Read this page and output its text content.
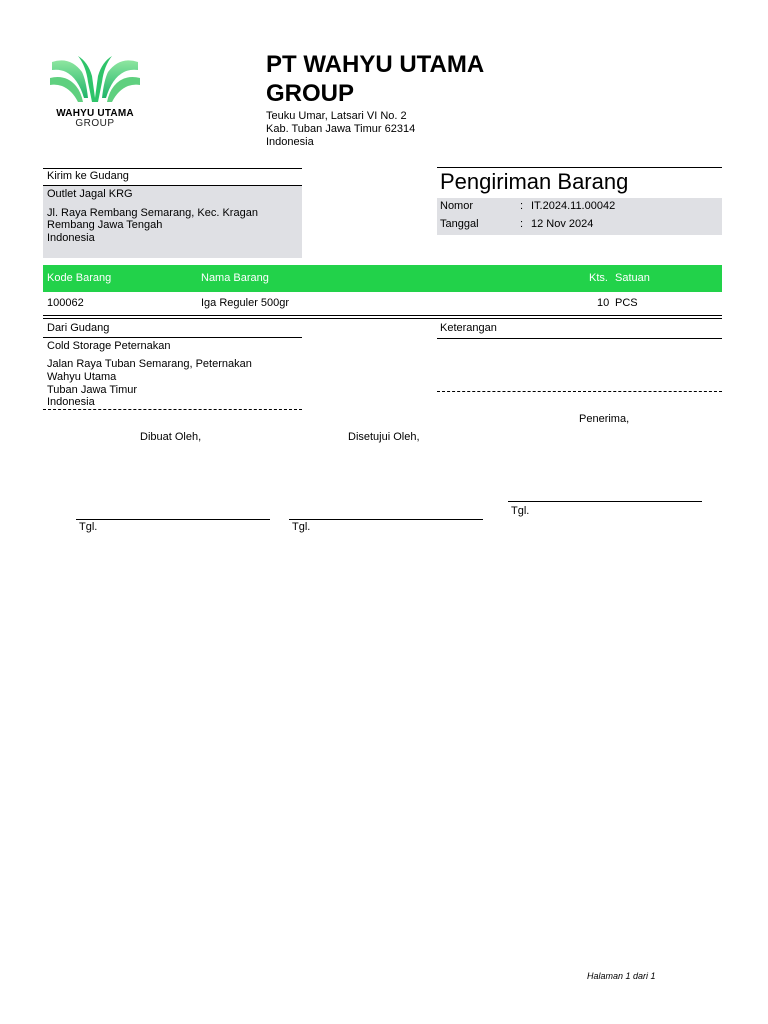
WAHYU UTAMA
GROUP
PT WAHYU UTAMA GROUP
Teuku Umar, Latsari VI No. 2
Kab. Tuban Jawa Timur 62314
Indonesia
Kirim ke Gudang
Outlet Jagal KRG
Jl. Raya Rembang Semarang, Kec. Kragan
Rembang Jawa Tengah
Indonesia
Pengiriman Barang
Nomor	: IT.2024.11.00042
Tanggal	: 12 Nov 2024
Kode Barang	Nama Barang	Kts. Satuan
100062	Iga Reguler 500gr	10 PCS
Dari Gudang
Cold Storage Peternakan
Jalan Raya Tuban Semarang, Peternakan
Wahyu Utama
Tuban Jawa Timur
Indonesia
Keterangan
Penerima,
Dibuat Oleh,	Disetujui Oleh,
Tgl.
Tgl.	Tgl.
Halaman 1 dari 1
